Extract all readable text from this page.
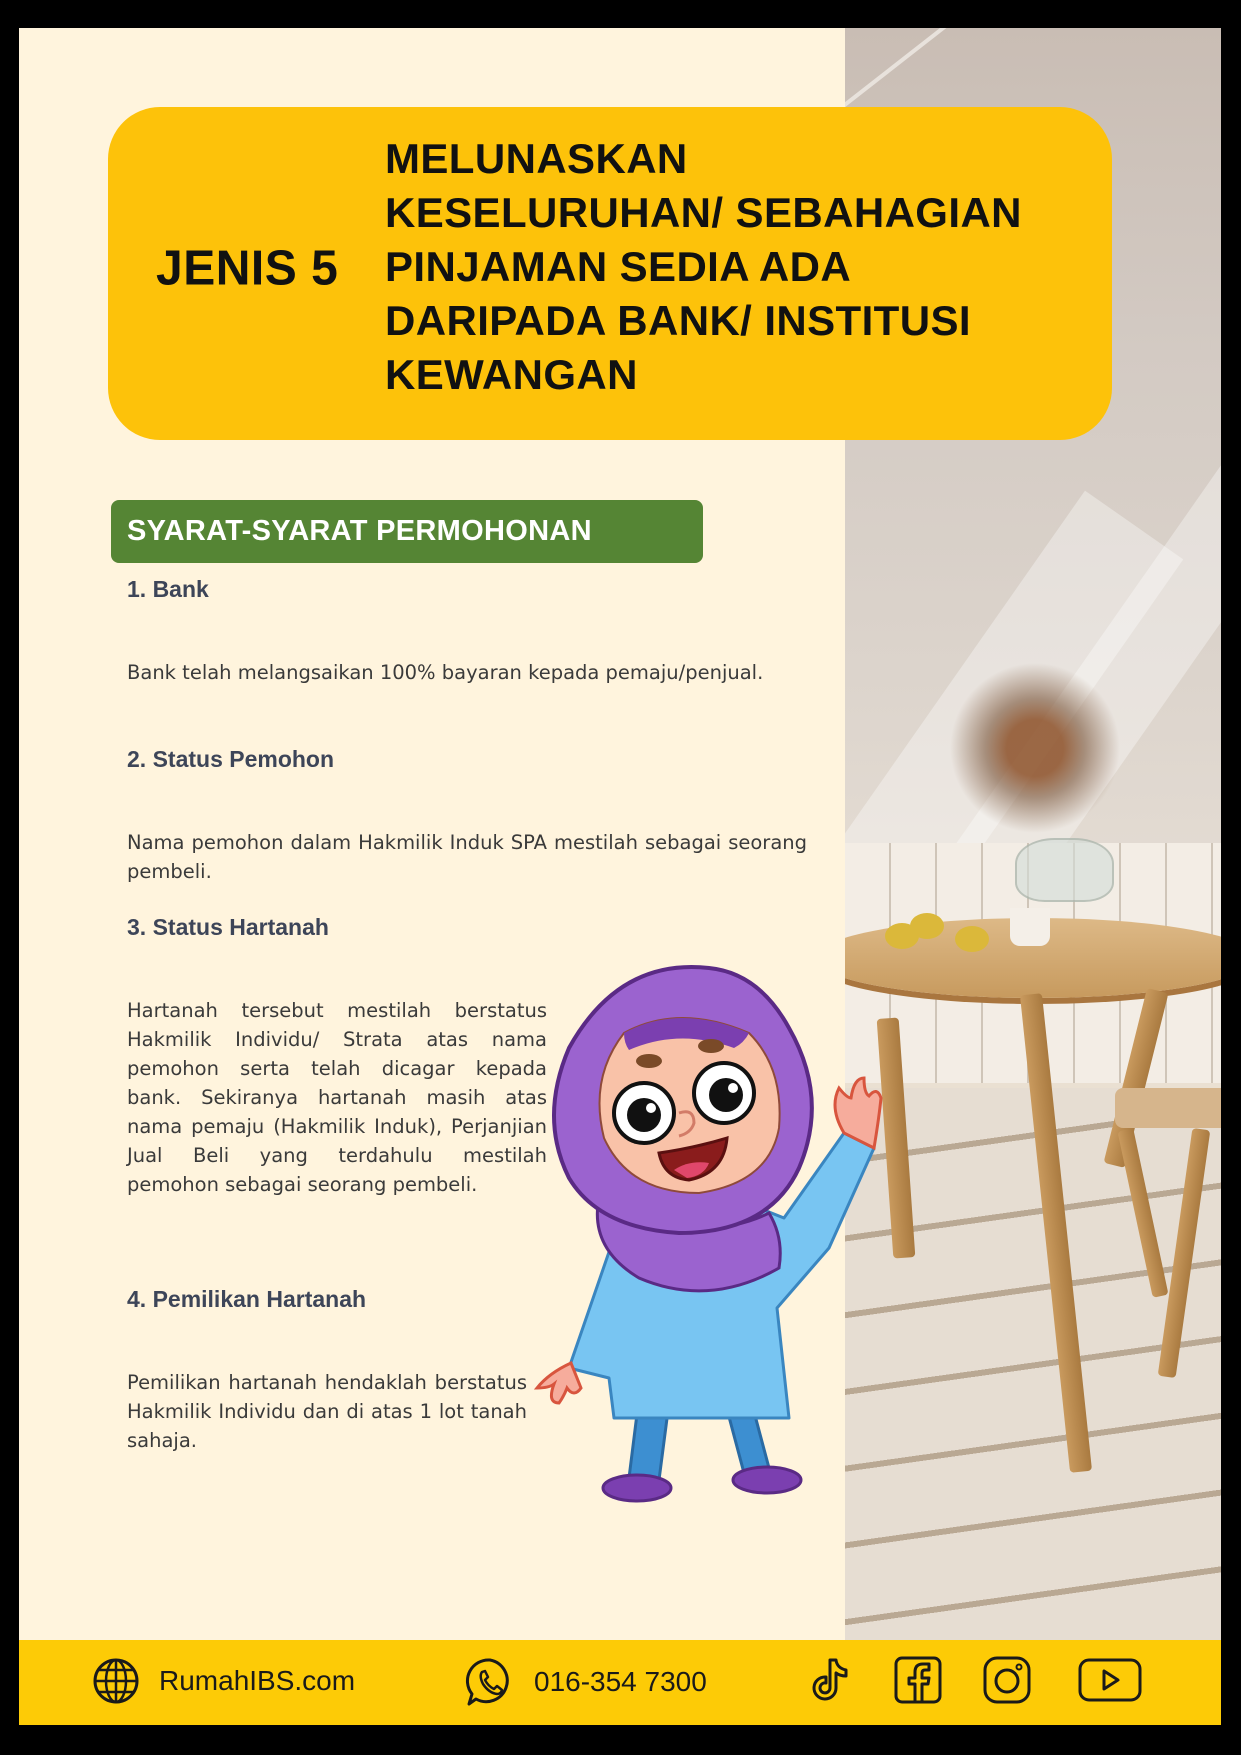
JENIS 5
MELUNASKAN
KESELURUHAN/ SEBAHAGIAN
PINJAMAN SEDIA ADA
DARIPADA BANK/ INSTITUSI
KEWANGAN
SYARAT-SYARAT PERMOHONAN
1. Bank
Bank telah melangsaikan 100% bayaran kepada pemaju/penjual.
2. Status Pemohon
Nama pemohon dalam Hakmilik Induk SPA mestilah sebagai seorang pembeli.
3. Status Hartanah
Hartanah tersebut mestilah berstatus Hakmilik Individu/ Strata atas nama pemohon serta telah dicagar kepada bank. Sekiranya hartanah masih atas nama pemaju (Hakmilik Induk), Perjanjian Jual Beli yang terdahulu mestilah pemohon sebagai seorang pembeli.
4. Pemilikan Hartanah
Pemilikan hartanah hendaklah berstatus Hakmilik Individu dan di atas 1 lot tanah sahaja.
RumahIBS.com	016-354 7300
